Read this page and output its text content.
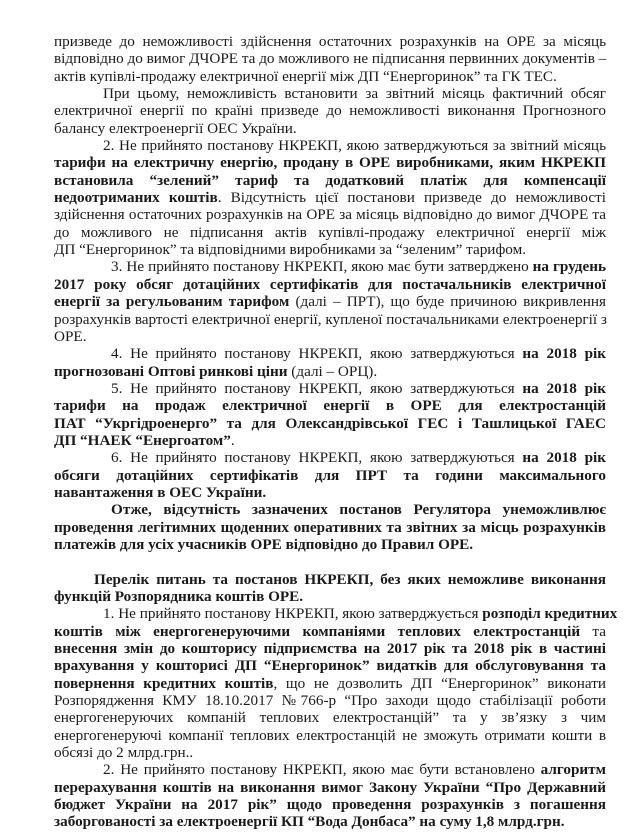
призведе до неможливості здійснення остаточних розрахунків на ОРЕ за місяць
відповідно до вимог ДЧОРЕ та до можливого не підписання первинних документів –
актів купівлі-продажу електричної енергії між ДП “Енергоринок” та ГК ТЕС.
При цьому, неможливість встановити за звітний місяць фактичний обсяг
електричної енергії по країні призведе до неможливості виконання Прогнозного
балансу електроенергії ОЕС України.
2. Не прийнято постанову НКРЕКП, якою затверджуються за звітний місяць
тарифи на електричну енергію, продану в ОРЕ виробниками, яким НКРЕКП
встановила “зелений” тариф та додатковий платіж для компенсації
недоотриманих коштів. Відсутність цієї постанови призведе до неможливості
здійснення остаточних розрахунків на ОРЕ за місяць відповідно до вимог ДЧОРЕ та
до можливого не підписання актів купівлі-продажу електричної енергії між
ДП “Енергоринок” та відповідними виробниками за “зеленим” тарифом.
3. Не прийнято постанову НКРЕКП, якою має бути затверджено на грудень
2017 року обсяг дотаційних сертифікатів для постачальників електричної
енергії за регульованим тарифом (далі – ПРТ), що буде причиною викривлення
розрахунків вартості електричної енергії, купленої постачальниками електроенергії з
ОРЕ.
4. Не прийнято постанову НКРЕКП, якою затверджуються на 2018 рік
прогнозовані Оптові ринкові ціни (далі – ОРЦ).
5. Не прийнято постанову НКРЕКП, якою затверджуються на 2018 рік
тарифи на продаж електричної енергії в ОРЕ для електростанцій
ПАТ “Укргідроенерго” та для Олександрівської ГЕС і Ташлицької ГАЕС
ДП “НАЕК “Енергоатом”.
6. Не прийнято постанову НКРЕКП, якою затверджуються на 2018 рік
обсяги дотаційних сертифікатів для ПРТ та години максимального
навантаження в ОЕС України.
Отже, відсутність зазначених постанов Регулятора унеможливлює
проведення легітимних щоденних оперативних та звітних за місць розрахунків
платежів для усіх учасників ОРЕ відповідно до Правил ОРЕ.
Перелік питань та постанов НКРЕКП, без яких неможливе виконання
функцій Розпорядника коштів ОРЕ.
1. Не прийнято постанову НКРЕКП, якою затверджується розподіл кредитних
коштів між енергогенеруючими компаніями теплових електростанцій та
внесення змін до кошторису підприємства на 2017 рік та 2018 рік в частині
врахування у кошторисі ДП “Енергоринок” видатків для обслуговування та
повернення кредитних коштів, що не дозволить ДП “Енергоринок” виконати
Розпорядження КМУ 18.10.2017 №766-р “Про заходи щодо стабілізації роботи
енергогенеруючих компаній теплових електростанцій” та у зв’язку з чим
енергогенеруючі компанії теплових електростанцій не зможуть отримати кошти в
обсязі до 2 млрд.грн..
2. Не прийнято постанову НКРЕКП, якою має бути встановлено алгоритм
перерахування коштів на виконання вимог Закону України “Про Державний
бюджет України на 2017 рік” щодо проведення розрахунків з погашення
заборгованості за електроенергії КП “Вода Донбаса” на суму 1,8 млрд.грн.
